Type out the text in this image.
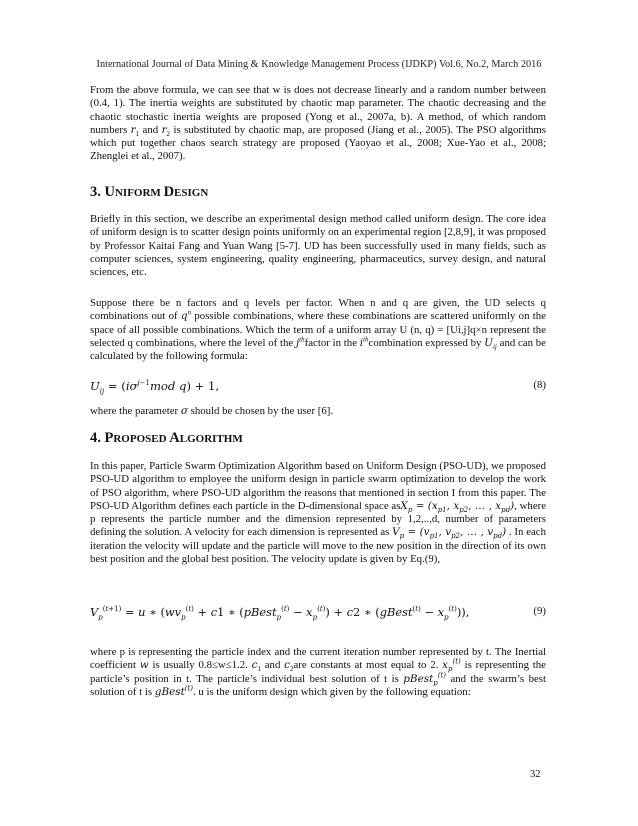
International Journal of Data Mining & Knowledge Management Process (IJDKP) Vol.6, No.2, March 2016
From the above formula, we can see that w is does not decrease linearly and a random number between (0.4, 1). The inertia weights are substituted by chaotic map parameter. The chaotic decreasing and the chaotic stochastic inertia weights are proposed (Yong et al., 2007a, b). A method, of which random numbers $r_1$ and $r_2$ is substituted by chaotic map, are proposed (Jiang et al., 2005). The PSO algorithms which put together chaos search strategy are proposed (Yaoyao et al., 2008; Xue-Yao et al., 2008; Zhenglei et al., 2007).
3. UNIFORM DESIGN
Briefly in this section, we describe an experimental design method called uniform design. The core idea of uniform design is to scatter design points uniformly on an experimental region [2,8,9], it was proposed by Professor Kaitai Fang and Yuan Wang [5-7]. UD has been successfully used in many fields, such as computer sciences, system engineering, quality engineering, pharmaceutics, survey design, and natural sciences, etc.
Suppose there be n factors and q levels per factor. When n and q are given, the UD selects q combinations out of $q^n$ possible combinations, where these combinations are scattered uniformly on the space of all possible combinations. Which the term of a uniform array U (n, q) = [Ui,j]q×n represent the selected q combinations, where the level of the $j^{th}factor$ in the $i^{th}combination$ expressed by $U_{ij}$ and can be calculated by the following formula:
$U_{ij} = (i\sigma^{j-1}mod$ q) + 1,	(8)
where the parameter σ should be chosen by the user [6].
4. PROPOSED ALGORITHM
In this paper, Particle Swarm Optimization Algorithm based on Uniform Design (PSO-UD), we proposed PSO-UD algorithm to employee the uniform design in particle swarm optimization to develop the work of PSO algorithm, where PSO-UD algorithm the reasons that mentioned in section I from this paper. The PSO-UD Algorithm defines each particle in the D-dimensional space $asX_p = (x_{p1}$, $x_{p2}$, … , $x_{pd}$), where p represents the particle number and the dimension represented by 1,2,..,d, number of parameters defining the solution. A velocity for each dimension is represented as $V_p = (v_{p1}$, $v_{p2}$, … , $v_{pd}$) . In each iteration the velocity will update and the particle will move to the new position in the direction of its own best position and the global best position. The velocity update is given by Eq.(9),
$V_p^{(t+1)} = u$ ∗ ($wv_p^{(t)} + c1$ ∗ (pBest$_p^{(t)}$ − $x_p^{(t)}) + c2$ ∗ (gBest$^{(t)}$ − $x_p^{(t)}$)),	(9)
where p is representing the particle index and the current iteration number represented by t. The Inertial coefficient w is usually 0.8≤w≤1.2. $c_1$ and $c_2are$ constants at most equal to 2. $x_p^{(t)}$ is representing the particle’s position in t. The particle’s individual best solution of t is pBest$_p^{(t)}$ and the swarm’s best solution of t is gBest$^{(t)}$. u is the uniform design which given by the following equation:
32
